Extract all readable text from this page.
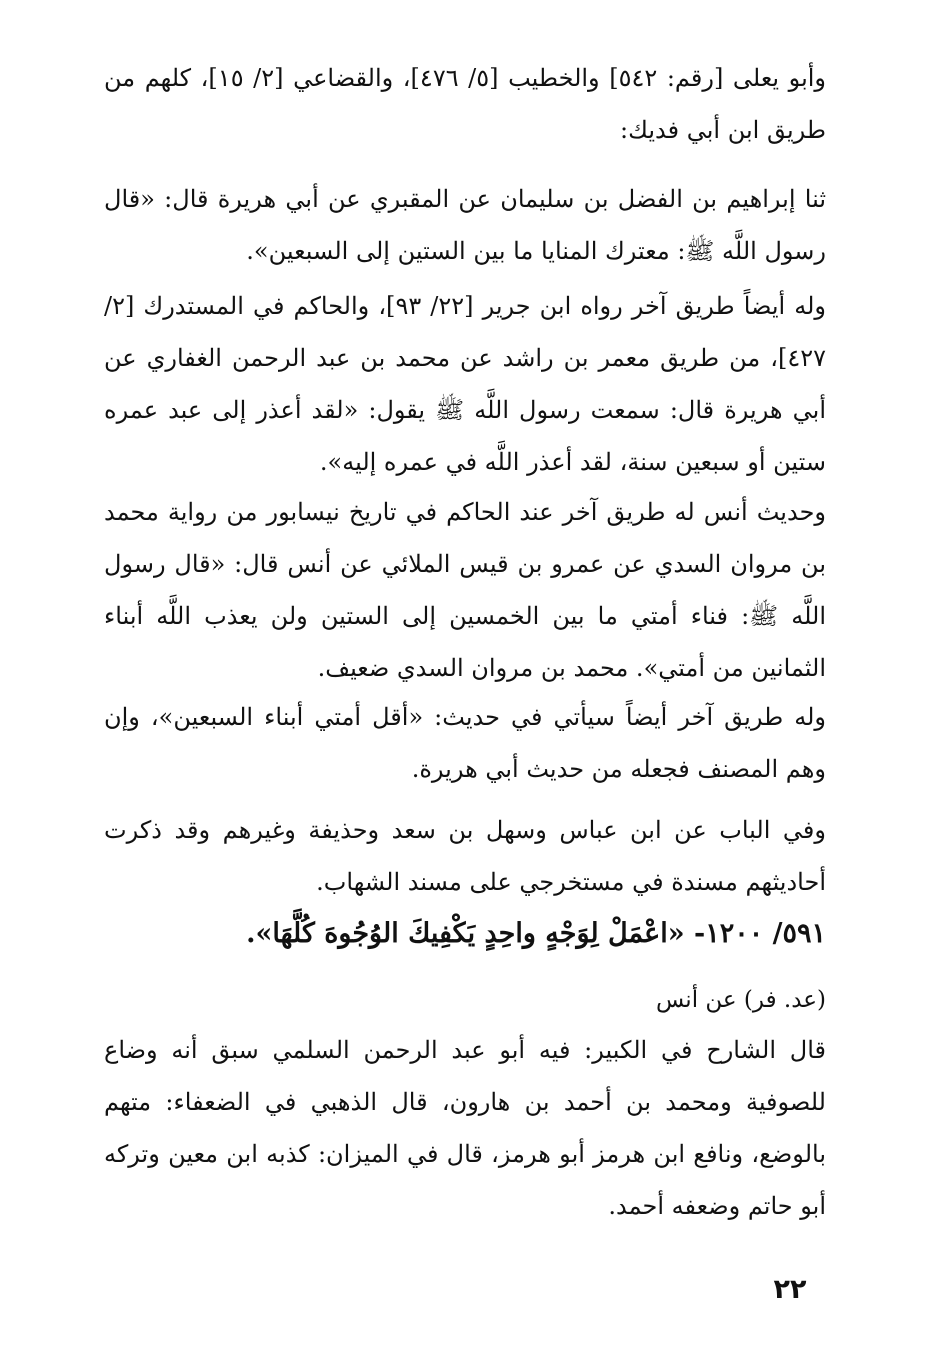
وأبو يعلى [رقم: ٥٤٢] والخطيب [٥/ ٤٧٦]، والقضاعي [٢/ ١٥]، كلهم من طريق ابن أبي فديك:

ثنا إبراهيم بن الفضل بن سليمان عن المقبري عن أبي هريرة قال: «قال رسول اللَّه ﷺ: معترك المنايا ما بين الستين إلى السبعين».

وله أيضاً طريق آخر رواه ابن جرير [٢٢/ ٩٣]، والحاكم في المستدرك [٢/ ٤٢٧]، من طريق معمر بن راشد عن محمد بن عبد الرحمن الغفاري عن أبي هريرة قال: سمعت رسول اللَّه ﷺ يقول: «لقد أعذر إلى عبد عمره ستين أو سبعين سنة، لقد أعذر اللَّه في عمره إليه».

وحديث أنس له طريق آخر عند الحاكم في تاريخ نيسابور من رواية محمد بن مروان السدي عن عمرو بن قيس الملائي عن أنس قال: «قال رسول اللَّه ﷺ: فناء أمتي ما بين الخمسين إلى الستين ولن يعذب اللَّه أبناء الثمانين من أمتي». محمد بن مروان السدي ضعيف.

وله طريق آخر أيضاً سيأتي في حديث: «أقل أمتي أبناء السبعين»، وإن وهم المصنف فجعله من حديث أبي هريرة.

وفي الباب عن ابن عباس وسهل بن سعد وحذيفة وغيرهم وقد ذكرت أحاديثهم مسندة في مستخرجي على مسند الشهاب.

٥٩١/ ١٢٠٠- «اعْمَلْ لِوَجْهٍ واحِدٍ يَكْفِيكَ الوُجُوهَ كُلَّهَا».
(عد. فر) عن أنس

قال الشارح في الكبير: فيه أبو عبد الرحمن السلمي سبق أنه وضاع للصوفية ومحمد بن أحمد بن هارون، قال الذهبي في الضعفاء: متهم بالوضع، ونافع ابن هرمز أبو هرمز، قال في الميزان: كذبه ابن معين وتركه أبو حاتم وضعفه أحمد.

٢٢
